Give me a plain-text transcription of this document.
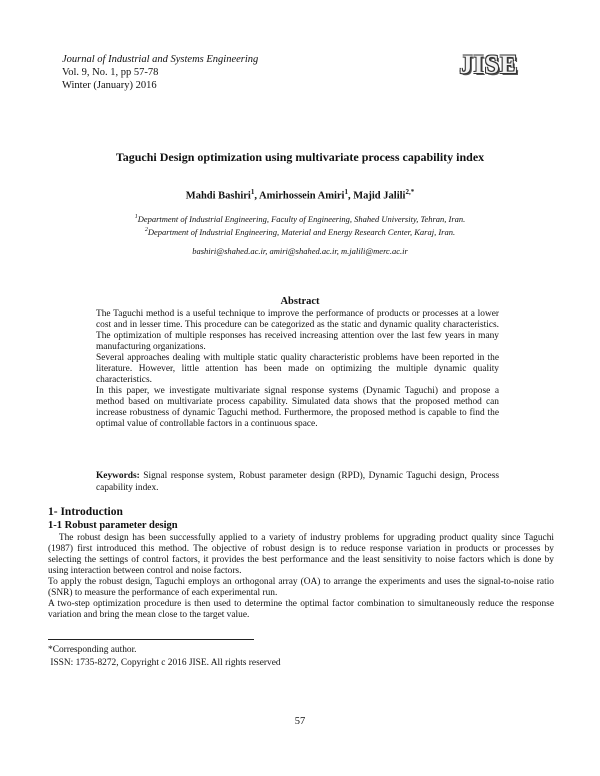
Journal of Industrial and Systems Engineering
Vol. 9, No. 1, pp 57-78
Winter (January) 2016
JISE
Taguchi Design optimization using multivariate process capability index
Mahdi Bashiri$^1$, Amirhossein Amiri$^1$, Majid Jalili$^{2,*}$
$^1$Department of Industrial Engineering, Faculty of Engineering, Shahed University, Tehran, Iran.
$^2$Department of Industrial Engineering, Material and Energy Research Center, Karaj, Iran.
bashiri@shahed.ac.ir, amiri@shahed.ac.ir, m.jalili@merc.ac.ir
Abstract

The Taguchi method is a useful technique to improve the performance of products or processes at a lower cost and in lesser time. This procedure can be categorized as the static and dynamic quality characteristics. The optimization of multiple responses has received increasing attention over the last few years in many manufacturing organizations.

Several approaches dealing with multiple static quality characteristic problems have been reported in the literature. However, little attention has been made on optimizing the multiple dynamic quality characteristics.

In this paper, we investigate multivariate signal response systems (Dynamic Taguchi) and propose a method based on multivariate process capability. Simulated data shows that the proposed method can increase robustness of dynamic Taguchi method. Furthermore, the proposed method is capable to find the optimal value of controllable factors in a continuous space.

Keywords: Signal response system, Robust parameter design (RPD), Dynamic Taguchi design, Process capability index.
1- Introduction
1-1 Robust parameter design

The robust design has been successfully applied to a variety of industry problems for upgrading product quality since Taguchi (1987) first introduced this method. The objective of robust design is to reduce response variation in products or processes by selecting the settings of control factors, it provides the best performance and the least sensitivity to noise factors which is done by using interaction between control and noise factors.

To apply the robust design, Taguchi employs an orthogonal array (OA) to arrange the experiments and uses the signal-to-noise ratio (SNR) to measure the performance of each experimental run.

A two-step optimization procedure is then used to determine the optimal factor combination to simultaneously reduce the response variation and bring the mean close to the target value.

*Corresponding author.
ISSN: 1735-8272, Copyright c 2016 JISE. All rights reserved
57
